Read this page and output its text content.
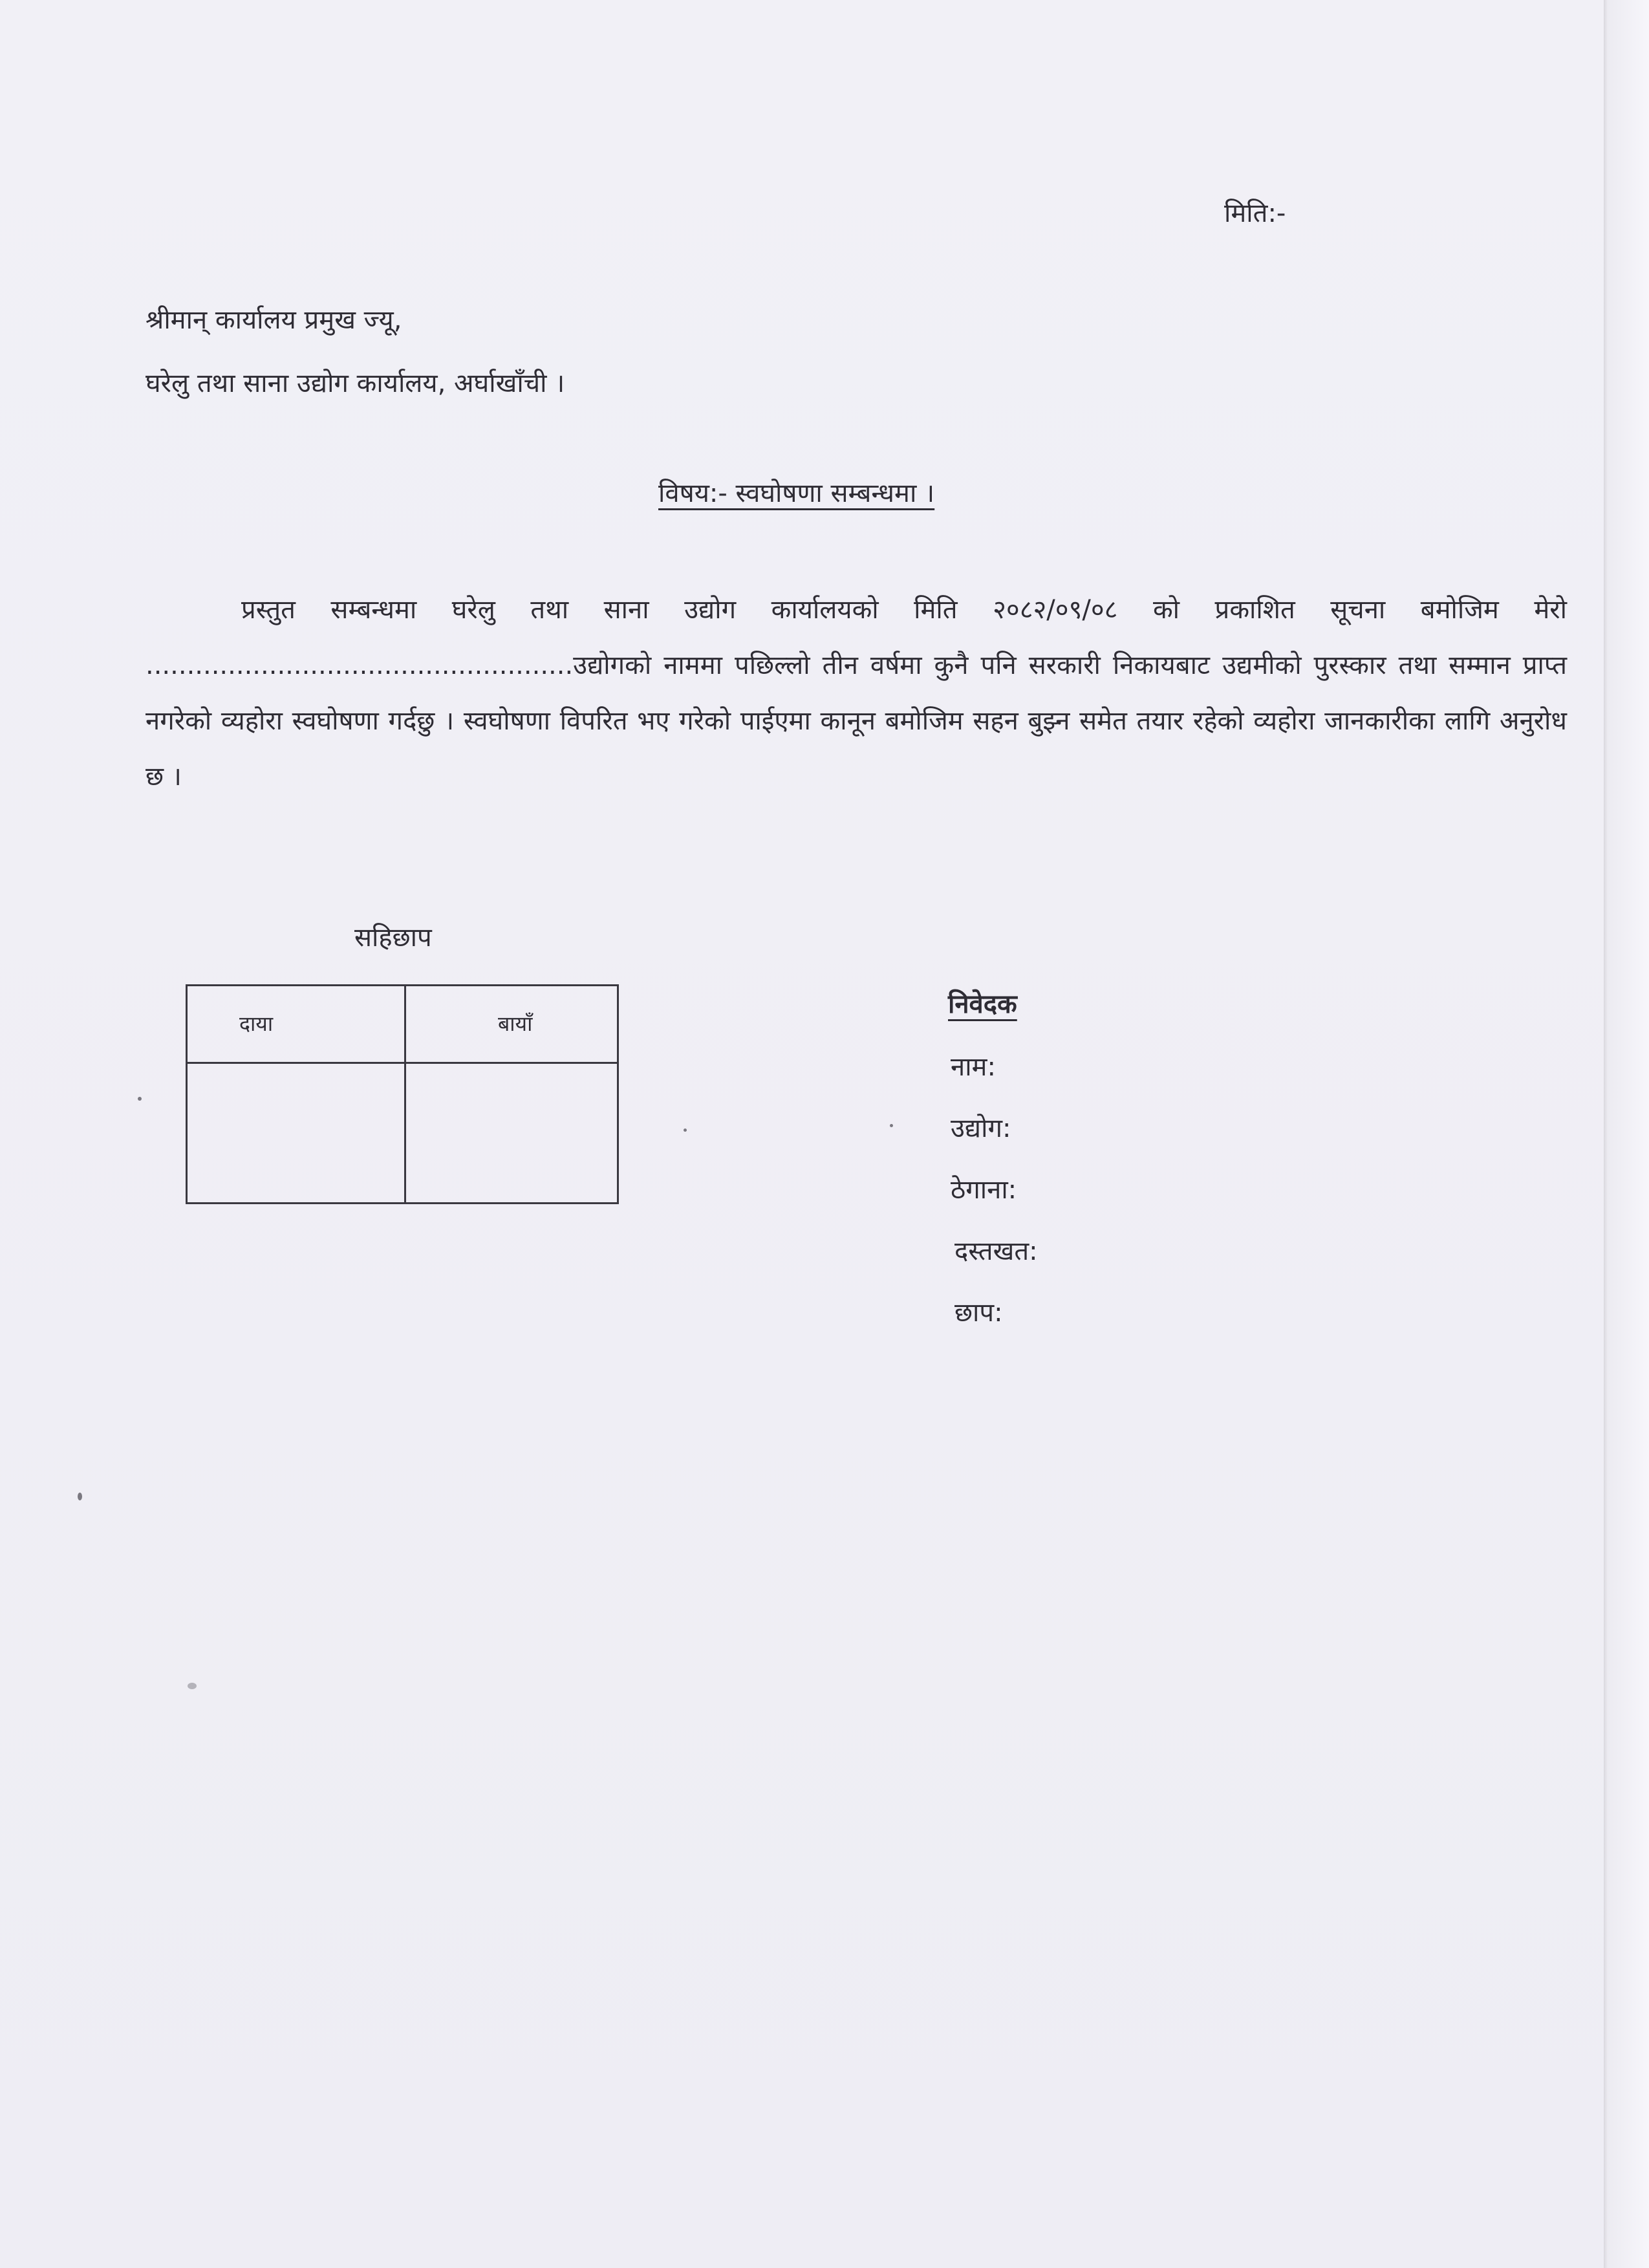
मिति:-
श्रीमान् कार्यालय प्रमुख ज्यू,
घरेलु तथा साना उद्योग कार्यालय, अर्घाखाँची ।
विषय:- स्वघोषणा सम्बन्धमा ।
प्रस्तुत सम्बन्धमा घरेलु तथा साना उद्योग कार्यालयको मिति २०८२/०९/०८ को प्रकाशित सूचना बमोजिम मेरो ....................................................उद्योगको नाममा पछिल्लो तीन वर्षमा कुनै पनि सरकारी निकायबाट उद्यमीको पुरस्कार तथा सम्मान प्राप्त नगरेको व्यहोरा स्वघोषणा गर्दछु । स्वघोषणा विपरित भए गरेको पाईएमा कानून बमोजिम सहन बुझ्न समेत तयार रहेको व्यहोरा जानकारीका लागि अनुरोध छ ।
सहिछाप
दाया	बायाँ
निवेदक
नाम:
उद्योग:
ठेगाना:
दस्तखत:
छाप:
